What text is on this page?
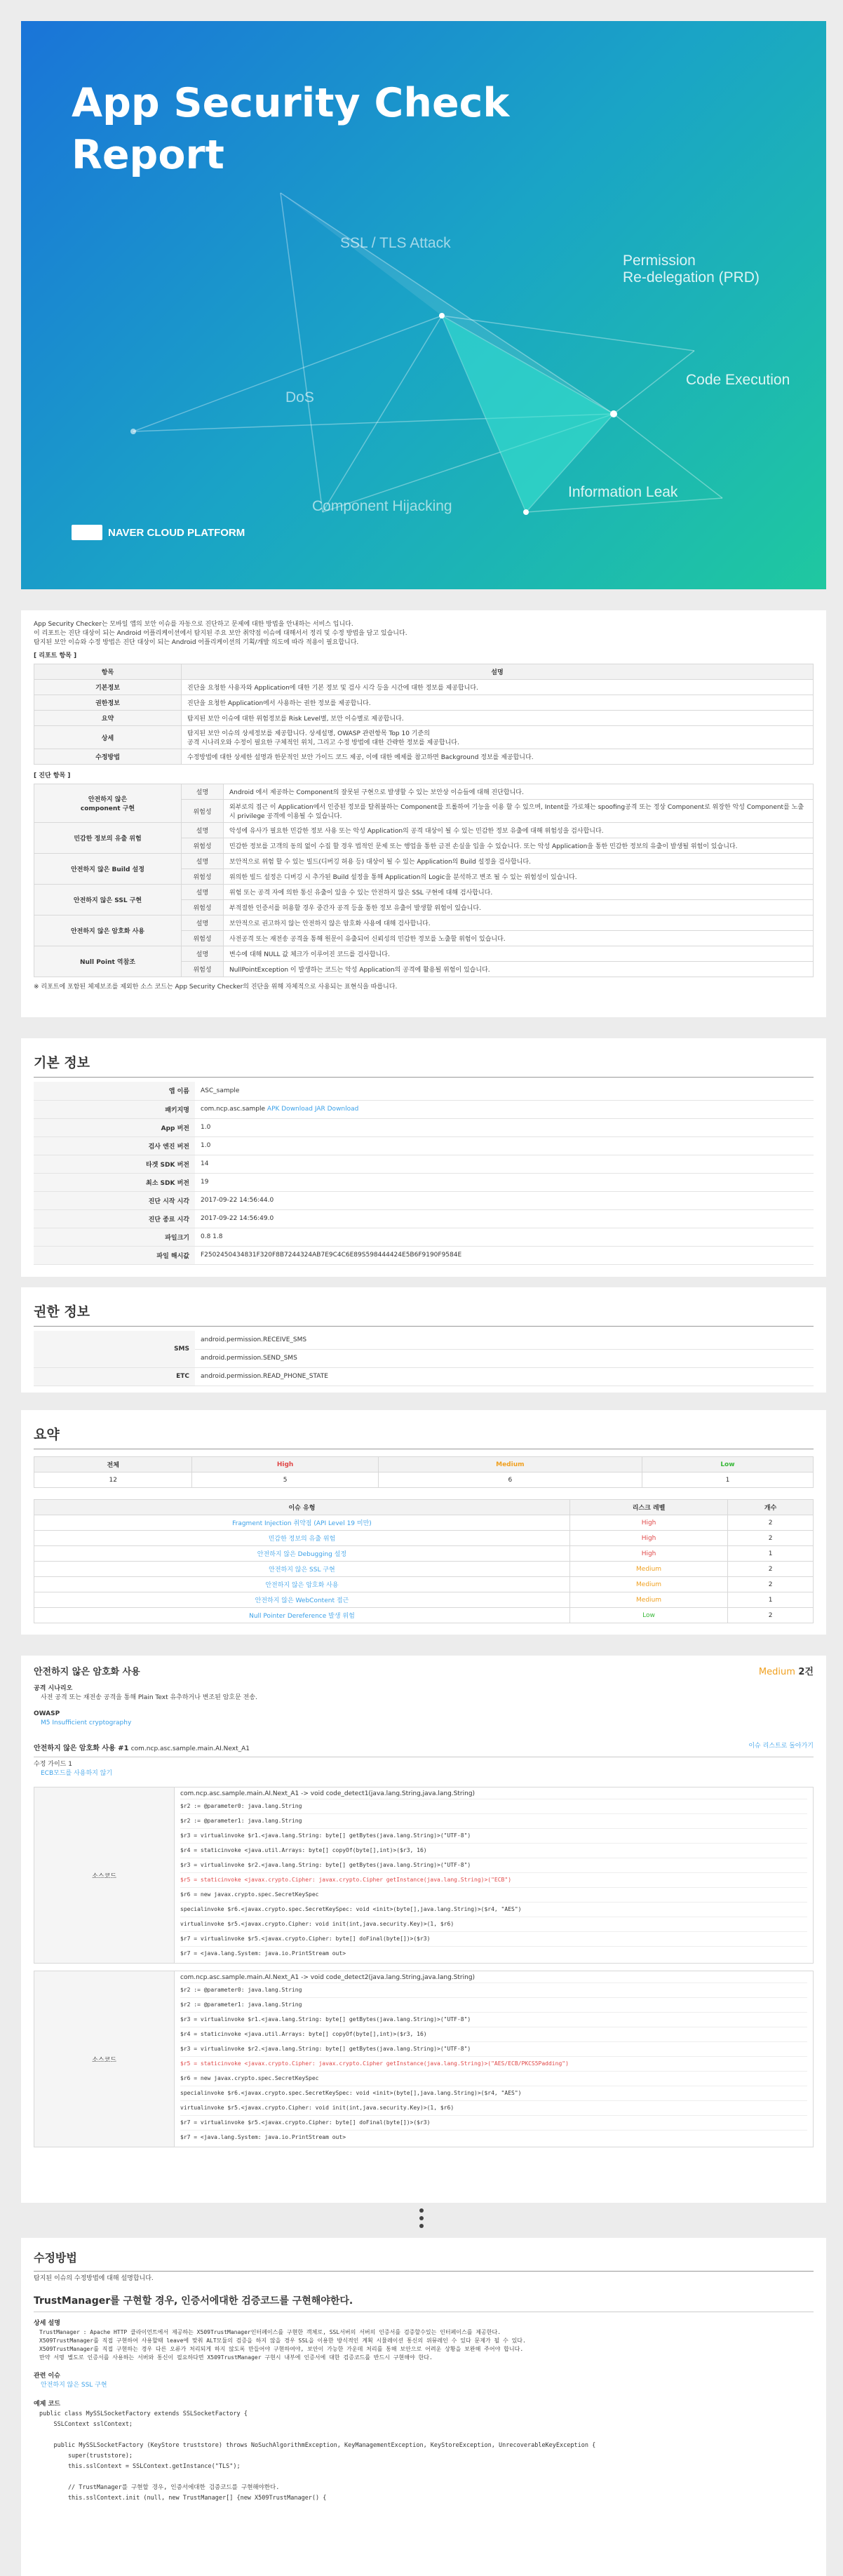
App Security Check Report
SSL / TLS Attack
Permission
Re-delegation (PRD)
Code Execution
DoS
Component Hijacking
Information Leak
NAVER CLOUD PLATFORM
App Security Checker는 모바일 앱의 보안 이슈를 자동으로 진단하고 문제에 대한 방법을 안내하는 서비스 입니다.
이 리포트는 진단 대상이 되는 Android 어플리케이션에서 탐지된 주요 보안 취약점 이슈에 대해서서 정리 및 수정 방법을 담고 있습니다.
탐지된 보안 이슈와 수정 방법은 진단 대상이 되는 Android 어플리케이션의 기획/개발 의도에 따라 적용이 필요합니다.
[ 리포트 항목 ]
항목	설명
기본정보	진단을 요청한 사용자와 Application에 대한 기본 정보 및 검사 시각 등을 시간에 대한 정보를 제공합니다.
권한정보	진단을 요청한 Application에서 사용하는 권한 정보를 제공합니다.
요약	탐지된 보안 이슈에 대한 위험정보를 Risk Level별, 보안 이슈별로 제공합니다.
상세	탐지된 보안 이슈의 상세정보를 제공합니다. 상세설명, OWASP 관련항목 Top 10 기준의
공격 시나리오와 수정이 필요한 구체적인 위치, 그리고 수정 방법에 대한 간략한 정보를 제공합니다.
수정방법	수정방법에 대한 상세한 설명과 한문적인 보안 가이드 코드 제공, 이에 대한 예제를 참고하면 Background 정보를 제공합니다.
[ 진단 항목 ]
안전하지 않은
component 구현	설명	Android 에서 제공하는 Component의 잘못된 구현으로 발생할 수 있는 보안상 이슈들에 대해 진단합니다.
	위험성	외부로의 접근 이 Application에서 인증된 정보를 탈취불하는 Component를 트롤하여 기능을 이용 할 수 있으며, Intent를 가로채는 spoofing공격 또는 정상 Component로 위장한 악성 Component를 노출 시 privilege 공격에 이용될 수 있습니다.
민감한 정보의 유출 위험	설명	악성에 유사가 필요한 민감한 정보 사용 또는 악성 Application의 공격 대상이 될 수 있는 민감한 정보 유출에 대해 위험성을 검사합니다.
	위험성	민감한 정보를 고객의 동의 없이 수집 할 경우 법적인 문제 또는 행업을 통한 금전 손실을 입을 수 있습니다. 또는 악성 Application을 통한 민감한 정보의 유출이 발생될 위험이 있습니다.
안전하지 않은 Build 설정	설명	보안적으로 위험 할 수 있는 빌드(디버깅 허용 등) 대상이 될 수 있는 Application의 Build 설정을 검사합니다.
	위험성	위의한 빌드 설정은 디버깅 시 추가된 Build 설정을 통해 Application의 Logic을 분석하고 변조 될 수 있는 위험성이 있습니다.
안전하지 않은 SSL 구현	설명	위험 또는 공격 자에 의한 통신 유출이 있을 수 있는 안전하지 않은 SSL 구현에 대해 검사합니다.
	위험성	부적절한 인증서를 허용할 경우 중간자 공격 등을 통한 정보 유출이 발생할 위험이 있습니다.
안전하지 않은 암호화 사용	설명	보안적으로 권고하지 않는 안전하지 않은 암호화 사용에 대해 검사합니다.
	위험성	사전공격 또는 재전송 공격을 통해 원문이 유출되어 신뢰성의 민감한 정보를 노출할 위험이 있습니다.
Null Point 역참조	설명	변수에 대해 NULL 값 체크가 이루어진 코드를 검사합니다.
	위험성	NullPointException 이 발생하는 코드는 악성 Application의 공격에 활용될 위험이 있습니다.
※ 리포트에 포함된 체제보조를 제외한 소스 코드는 App Security Checker의 진단을 위해 자체적으로 사용되는 표현식을 따릅니다.
기본 정보
앱 이름	ASC_sample
패키지명	com.ncp.asc.sample APK Download JAR Download
App 버전	1.0
검사 엔진 버전	1.0
타겟 SDK 버전	14
최소 SDK 버전	19
진단 시작 시각	2017-09-22 14:56:44.0
진단 종료 시각	2017-09-22 14:56:49.0
파일크기	0.8 1.8
파일 해시값	F2502450434831F320F8B7244324AB7E9C4C6E89S598444424E5B6F9190F9584E
권한 정보
SMS	android.permission.RECEIVE_SMS
	android.permission.SEND_SMS
ETC	android.permission.READ_PHONE_STATE
요약
전체	High	Medium	Low
12	5	6	1
이슈 유형	리스크 레벨	개수
Fragment Injection 취약점 (API Level 19 미만)	High	2
민감한 정보의 유출 위험	High	2
안전하지 않은 Debugging 설정	High	1
안전하지 않은 SSL 구현	Medium	2
안전하지 않은 암호화 사용	Medium	2
안전하지 않은 WebContent 접근	Medium	1
Null Pointer Dereference 발생 위험	Low	2
안전하지 않은 암호화 사용	Medium 2건
공격 시나리오
사전 공격 또는 재전송 공격을 통해 Plain Text 유추하거나 변조된 암호문 전송.
OWASP
M5 Insufficient cryptography
안전하지 않은 암호화 사용 #1 com.ncp.asc.sample.main.AI.Next_A1	이슈 리스트로 돌아가기
수정 가이드 1
ECB모드를 사용하지 않기
소스코드	
com.ncp.asc.sample.main.AI.Next_A1 -> void code_detect1(java.lang.String,java.lang.String)
$r2 := @parameter0: java.lang.String
$r2 := @parameter1: java.lang.String
$r3 = virtualinvoke $r1.<java.lang.String: byte[] getBytes(java.lang.String)>("UTF-8")
$r4 = staticinvoke <java.util.Arrays: byte[] copyOf(byte[],int)>($r3, 16)
$r3 = virtualinvoke $r2.<java.lang.String: byte[] getBytes(java.lang.String)>("UTF-8")
$r5 = staticinvoke <javax.crypto.Cipher: javax.crypto.Cipher getInstance(java.lang.String)>("ECB")
$r6 = new javax.crypto.spec.SecretKeySpec
specialinvoke $r6.<javax.crypto.spec.SecretKeySpec: void <init>(byte[],java.lang.String)>($r4, "AES")
virtualinvoke $r5.<javax.crypto.Cipher: void init(int,java.security.Key)>(1, $r6)
$r7 = virtualinvoke $r5.<javax.crypto.Cipher: byte[] doFinal(byte[])>($r3)
$r7 = <java.lang.System: java.io.PrintStream out>
소스코드	
com.ncp.asc.sample.main.AI.Next_A1 -> void code_detect2(java.lang.String,java.lang.String)
$r2 := @parameter0: java.lang.String
$r2 := @parameter1: java.lang.String
$r3 = virtualinvoke $r1.<java.lang.String: byte[] getBytes(java.lang.String)>("UTF-8")
$r4 = staticinvoke <java.util.Arrays: byte[] copyOf(byte[],int)>($r3, 16)
$r3 = virtualinvoke $r2.<java.lang.String: byte[] getBytes(java.lang.String)>("UTF-8")
$r5 = staticinvoke <javax.crypto.Cipher: javax.crypto.Cipher getInstance(java.lang.String)>("AES/ECB/PKCS5Padding")
$r6 = new javax.crypto.spec.SecretKeySpec
specialinvoke $r6.<javax.crypto.spec.SecretKeySpec: void <init>(byte[],java.lang.String)>($r4, "AES")
virtualinvoke $r5.<javax.crypto.Cipher: void init(int,java.security.Key)>(1, $r6)
$r7 = virtualinvoke $r5.<javax.crypto.Cipher: byte[] doFinal(byte[])>($r3)
$r7 = <java.lang.System: java.io.PrintStream out>
수정방법
탐지된 이슈의 수정방법에 대해 설명합니다.
TrustManager를 구현할 경우, 인증서에대한 검증코드를 구현해야한다.
상세 설명
TrustManager : Apache HTTP 클라이언트에서 제공하는 X509TrustManager인터페이스를 구현한 객체로, SSL서버의 서버의 인증서를 검증할수있는 인터페이스를 제공한다.
X509TrustManager를 직접 구현하여 사용할때 leave에 맞춰 ALT모듈의 검증을 하지 않을 경우 SSL을 이용한 방식적인 계획 시뮬레이션 통신의 위뮤레인 수 있다 문제가 될 수 있다.
X509TrustManager를 직접 구현하는 경우 다른 오류가 처리되게 하지 않도록 만들어야 구현하여야, 보안이 가능한 가운데 처리를 통해 보안으로 어려운 상황을 보완해 주어야 합니다.
만약 서명 별도로 인증서를 사용하는 서버와 통신이 필요하다면 X509TrustManager 구현시 내부에 인증서에 대한 검증코드를 반드시 구현해야 한다.
관련 이슈
안전하지 않은 SSL 구현
예제 코드
public class MySSLSocketFactory extends SSLSocketFactory {
SSLContext sslContext;

public MySSLSocketFactory (KeyStore truststore) throws NoSuchAlgorithmException, KeyManagementException, KeyStoreException, UnrecoverableKeyException {
super(truststore);
this.sslContext = SSLContext.getInstance("TLS");

// TrustManager를 구현할 경우, 인증서에대한 검증코드를 구현해야한다.
this.sslContext.init (null, new TrustManager[] {new X509TrustManager() {
